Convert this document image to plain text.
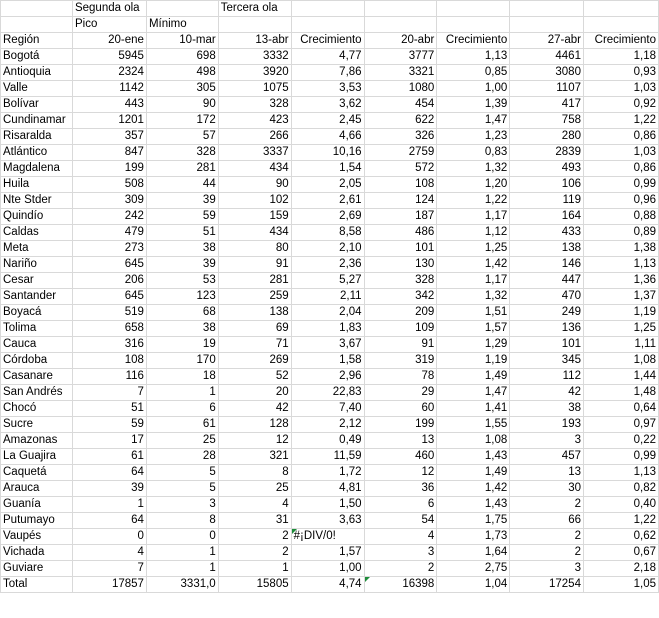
	Segunda ola		Tercera ola					
	Pico	Mínimo						
Región	20-ene	10-mar	13-abr	Crecimiento	20-abr	Crecimiento	27-abr	Crecimiento
Bogotá	5945	698	3332	4,77	3777	1,13	4461	1,18
Antioquia	2324	498	3920	7,86	3321	0,85	3080	0,93
Valle	1142	305	1075	3,53	1080	1,00	1107	1,03
Bolívar	443	90	328	3,62	454	1,39	417	0,92
Cundinamar	1201	172	423	2,45	622	1,47	758	1,22
Risaralda	357	57	266	4,66	326	1,23	280	0,86
Atlántico	847	328	3337	10,16	2759	0,83	2839	1,03
Magdalena	199	281	434	1,54	572	1,32	493	0,86
Huila	508	44	90	2,05	108	1,20	106	0,99
Nte Stder	309	39	102	2,61	124	1,22	119	0,96
Quindío	242	59	159	2,69	187	1,17	164	0,88
Caldas	479	51	434	8,58	486	1,12	433	0,89
Meta	273	38	80	2,10	101	1,25	138	1,38
Nariño	645	39	91	2,36	130	1,42	146	1,13
Cesar	206	53	281	5,27	328	1,17	447	1,36
Santander	645	123	259	2,11	342	1,32	470	1,37
Boyacá	519	68	138	2,04	209	1,51	249	1,19
Tolima	658	38	69	1,83	109	1,57	136	1,25
Cauca	316	19	71	3,67	91	1,29	101	1,11
Córdoba	108	170	269	1,58	319	1,19	345	1,08
Casanare	116	18	52	2,96	78	1,49	112	1,44
San Andrés	7	1	20	22,83	29	1,47	42	1,48
Chocó	51	6	42	7,40	60	1,41	38	0,64
Sucre	59	61	128	2,12	199	1,55	193	0,97
Amazonas	17	25	12	0,49	13	1,08	3	0,22
La Guajira	61	28	321	11,59	460	1,43	457	0,99
Caquetá	64	5	8	1,72	12	1,49	13	1,13
Arauca	39	5	25	4,81	36	1,42	30	0,82
Guanía	1	3	4	1,50	6	1,43	2	0,40
Putumayo	64	8	31	3,63	54	1,75	66	1,22
Vaupés	0	0	2	#¡DIV/0!	4	1,73	2	0,62
Vichada	4	1	2	1,57	3	1,64	2	0,67
Guviare	7	1	1	1,00	2	2,75	3	2,18
Total	17857	3331,0	15805	4,74	16398	1,04	17254	1,05
